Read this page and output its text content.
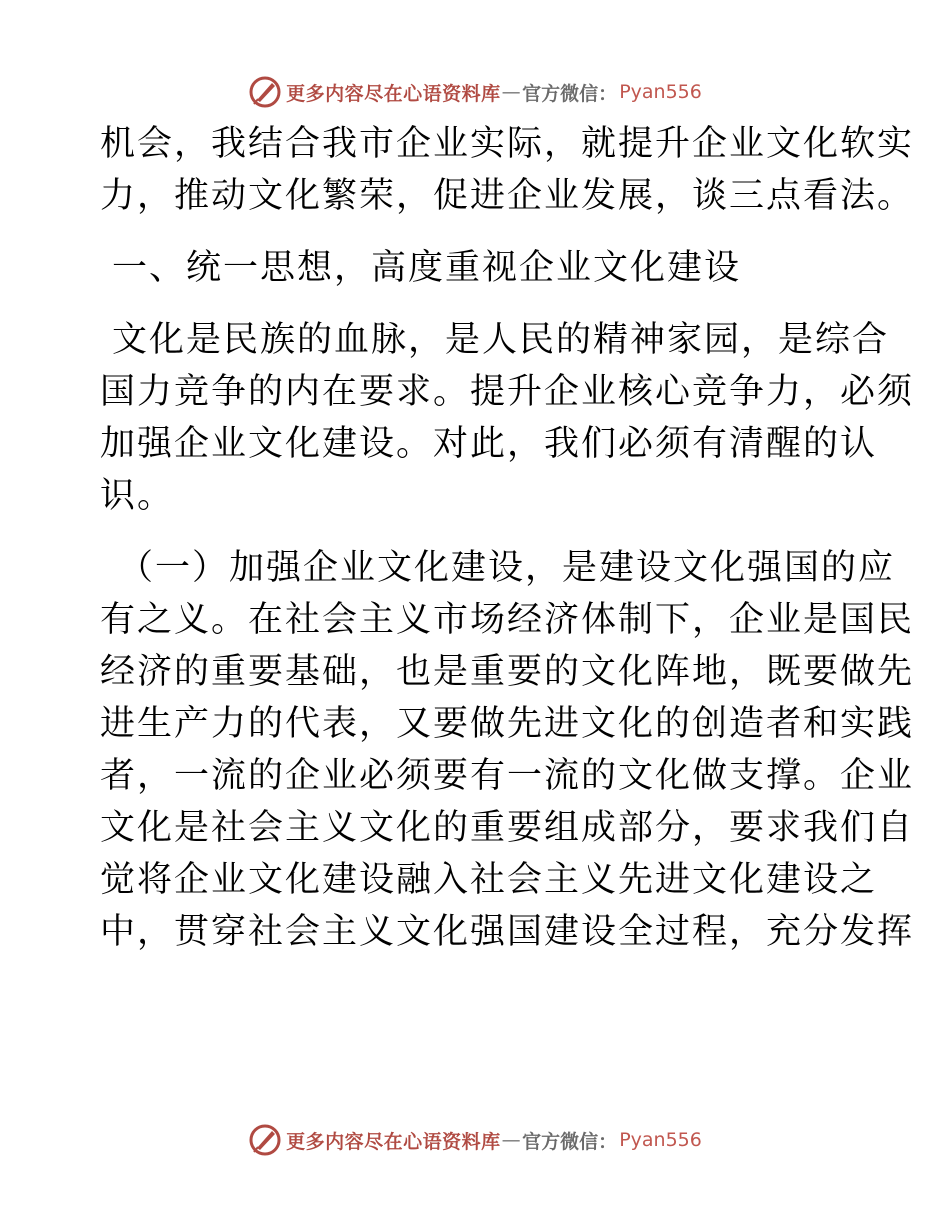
更多内容尽在心语资料库 — 官方微信： Pyan556
机会，我结合我市企业实际，就提升企业文化软实
力，推动文化繁荣，促进企业发展，谈三点看法。
一、统一思想，高度重视企业文化建设
文化是民族的血脉，是人民的精神家园，是综合
国力竞争的内在要求。提升企业核心竞争力，必须
加强企业文化建设。对此，我们必须有清醒的认
识。
（一）加强企业文化建设，是建设文化强国的应
有之义。在社会主义市场经济体制下，企业是国民
经济的重要基础，也是重要的文化阵地，既要做先
进生产力的代表，又要做先进文化的创造者和实践
者，一流的企业必须要有一流的文化做支撑。企业
文化是社会主义文化的重要组成部分，要求我们自
觉将企业文化建设融入社会主义先进文化建设之
中，贯穿社会主义文化强国建设全过程，充分发挥
更多内容尽在心语资料库 — 官方微信： Pyan556
